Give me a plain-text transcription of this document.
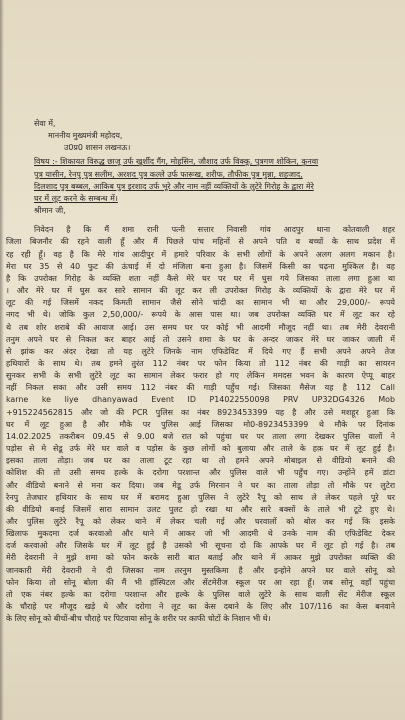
सेवा में,
माननीय मुख्यमंत्री महोदय,
उ0प्र0 शासन लखनऊ।
विषय :- शिकायत विरुद्ध छाजू उर्फ खुर्शीद गैंग, मोहसिन, जौशाद उर्फ विक्कू, पुत्रगण शोकिन, कुनवा
पुत्र यासीन, रेनपु पुत्र सलीम, अरशद पुत्र कल्ले उर्फ फारूख, शरीफ, तौफीक पुत्र मुन्ना, शहजाद,
दिलशाद पुत्र बब्बल, आकिब पुत्र इरशाद उर्फ भूरे और नाम नहीं व्यक्तियों के लुटेरे गिरोह के द्वारा मेरे
घर में लूट करने के सम्बन्ध में।
श्रीमान जी,
निवेदन है कि मैं शमा रानी पत्नी सत्तार निवासी गांव आदपुर थाना कोतवाली शहर
जिला बिजनौर की रहने वाली हूँ और मैं पिछले पांच महिनों से अपने पति व बच्चों के साथ प्रदेश में
रह रही हूँ। वह है कि मेरे गांव आदीपुर में हमारे परिवार के सभी लोगों के अपने अलग अलग मकान है।
मेरा घर 35 से 40 फुट की ऊंचाई में दो मंजिला बना हुआ है। जिसमें किसी का चढ़ना मुश्किल है। वह
है कि उपरोक्त गिरोह के व्यक्ति शता नहीं कैसे मेरे घर पर घर में घुस गये जिसका ताला लगा हुआ था
। और मेरे घर में घुस कर सारे सामान की लूट कर ली उपरोक्त गिरोह के व्यक्तियों के द्वारा मेरे घर में
लूट की गई जिसमें नकद किमती सामान जैसे सोने चांदी का सामान भी था और 29,000/- रूपये
नगद भी थे। जोकि कुल 2,50,000/- रूपये के आस पास था। जब उपरोक्त व्यक्ति घर में लूट कर रहे
थे तब शोर शराबे की आवाज आई। उस समय घर पर कोई भी आदमी मौजूद नहीं था। तब मेरी देवरानी
तनुम अपने घर से निकल कर बाहर आई तो उसने शमा के घर के अन्दर जाकर मेरे घर जाकर जाली में
से झांक कर अंदर देखा तो यह लुटेरे जिनके नाम एफिडेविट में दिये गए हैं सभी अपने अपने तेज
हथियारों के साथ थे। तब हमने तुरंत 112 नंबर पर फोन किया तो 112 नंबर की गाड़ी का सायरन
सुनकर सभी के सभी लुटेरे लूट का सामान लेकर फरार हो गए लेकिन ममदस भवन के कारण ऐप्पू बाहर
नहीं निकल सका और उसी समय 112 नंबर की गाड़ी पहुँच गई। जिसका मैसेज यह है 112 Call
karne ke liye dhanyawad Event ID P14022550098 PRV UP32DG4326 Mob
+915224562815 और जो की PCR पुलिस का नंबर 8923453399 यह है और उसे मशहूर हुआ कि
घर में लूट हुआ है और मौके पर पुलिस आई जिसका मो0-8923453399 थे मौके पर दिनांक
14.02.2025 तकरीबन 09.45 से 9.00 बजे रात को पहुंचा घर पर ताला लगा देखकर पुलिस वालों ने
पड़ोस से मे सेडू उर्फ मेरे घर वाले व पड़ोस के कुछ लोगों को बुलाया और ताले के हक़ घर में लूट हुई है।
इसका ताला तोड़ा। जब घर का ताला टूट रहा था तो हमने अपने मोबाइल से वीडियो बनाने की
कोशिश की तो उसी समय हल्के के दरोगा परशान्त और पुलिस वाले भी पहुँच गए। उन्होंने हमें डांटा
और वीडियो बनाने से मना कर दिया। जब मेडू उर्फ मिरनान ने घर का ताला तोड़ा तो मौके पर लुटेरा
रेनपु तेजधार हथियार के साथ घर में बरामद हुआ पुलिस ने लुटेरे रैपू को साथ ले लेकर पहले पूरे घर
की वीडियो बनाई जिसमें सारा सामान उलट पुलट हो रखा था और सारे बक्सों के ताले भी टूटे हुए थे।
और पुलिस लुटेरे रैपू को लेकर थाने में लेकर चली गई और घरवालों को बोल कर गई कि इसके
खिलाफ मुकदमा दर्ज करवाओ और थाने में आकर जो भी आदमी थे उनके नाम की एफिडेविट देकर
दर्ज करवाओ और जिसके घर में लूट हुई है उसको भी सूचना दो कि आपके घर में लूट हो गई है। तब
मेरी देवरानी ने मुझे शमा को फोन करके सारी बात बताई और थाने में आकर मुझे उपरोक्त व्यक्ति की
जानकारी मेरी देवरानी ने दी जिसका नाम तरनुम मुस्तकिमा है और इन्होने अपने घर वाले सोनू को
फोन किया तो सोनू बोला की मैं भी हॉस्पिटल और सेंटमेरीज स्कूल पर आ रहा हूँ। जब सोनू वहाँ पहुंचा
तो एक नंबर हल्के का दरोगा परशान्त और हल्के के पुलिस वाले लुटेरे के साथ वाली सेंट मेरीज स्कूल
के चौराहे पर मौजूद खड़े थे और दरोगा ने लूट का केस दबाने के लिए और 107/116 का केस बनवाने
के लिए सोनू को बीचों-बीच चौराहे पर पिटवाया सोनू के शरीर पर काफी चोटों के निशान भी थे।
